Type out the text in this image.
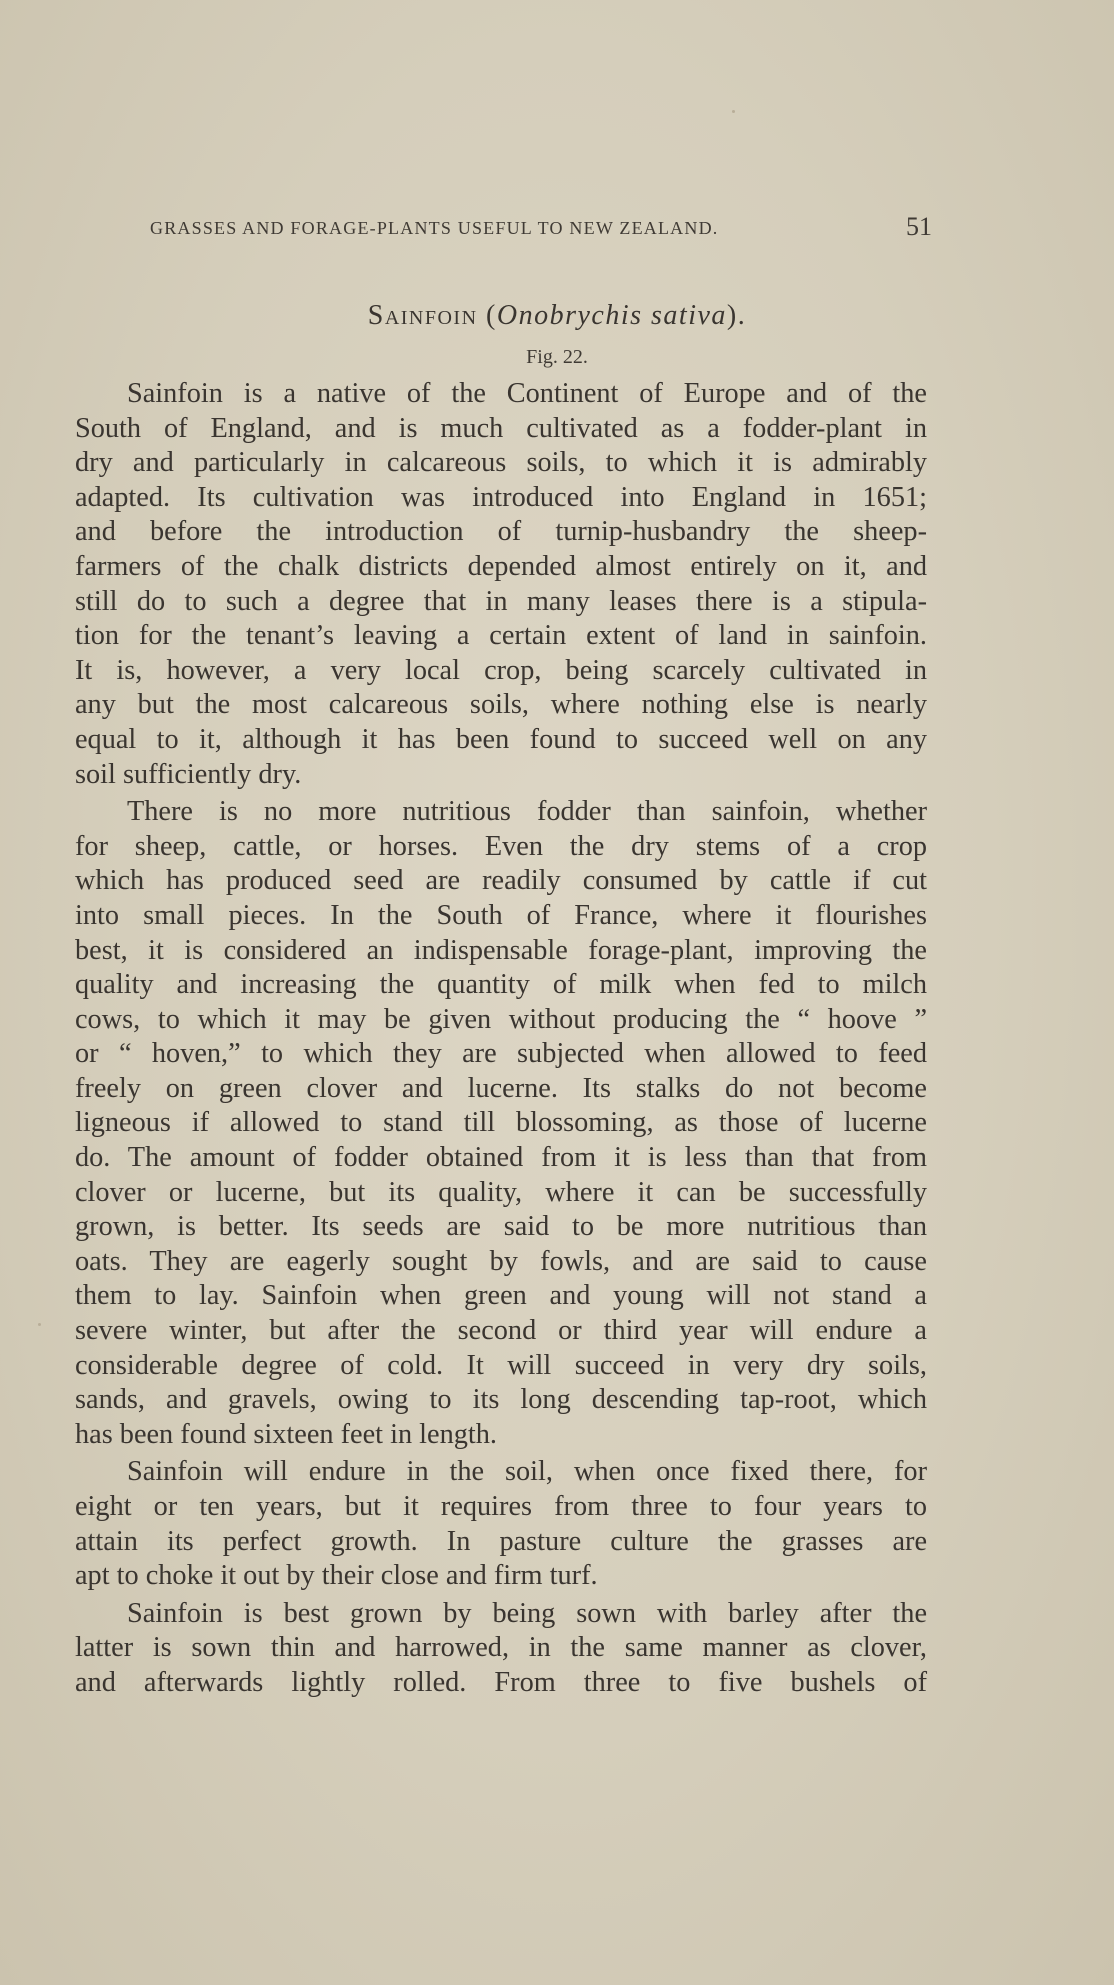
GRASSES AND FORAGE-PLANTS USEFUL TO NEW ZEALAND.	51
Sainfoin (Onobrychis sativa).
Fig. 22.
Sainfoin is a native of the Continent of Europe and of the
South of England, and is much cultivated as a fodder-plant in
dry and particularly in calcareous soils, to which it is admirably
adapted. Its cultivation was introduced into England in 1651;
and before the introduction of turnip-husbandry the sheep-
farmers of the chalk districts depended almost entirely on it, and
still do to such a degree that in many leases there is a stipula-
tion for the tenant’s leaving a certain extent of land in sainfoin.
It is, however, a very local crop, being scarcely cultivated in
any but the most calcareous soils, where nothing else is nearly
equal to it, although it has been found to succeed well on any
soil sufficiently dry.
There is no more nutritious fodder than sainfoin, whether
for sheep, cattle, or horses. Even the dry stems of a crop
which has produced seed are readily consumed by cattle if cut
into small pieces. In the South of France, where it flourishes
best, it is considered an indispensable forage-plant, improving the
quality and increasing the quantity of milk when fed to milch
cows, to which it may be given without producing the “ hoove ”
or “ hoven,” to which they are subjected when allowed to feed
freely on green clover and lucerne. Its stalks do not become
ligneous if allowed to stand till blossoming, as those of lucerne
do. The amount of fodder obtained from it is less than that from
clover or lucerne, but its quality, where it can be successfully
grown, is better. Its seeds are said to be more nutritious than
oats. They are eagerly sought by fowls, and are said to cause
them to lay. Sainfoin when green and young will not stand a
severe winter, but after the second or third year will endure a
considerable degree of cold. It will succeed in very dry soils,
sands, and gravels, owing to its long descending tap-root, which
has been found sixteen feet in length.
Sainfoin will endure in the soil, when once fixed there, for
eight or ten years, but it requires from three to four years to
attain its perfect growth. In pasture culture the grasses are
apt to choke it out by their close and firm turf.
Sainfoin is best grown by being sown with barley after the
latter is sown thin and harrowed, in the same manner as clover,
and afterwards lightly rolled. From three to five bushels of
